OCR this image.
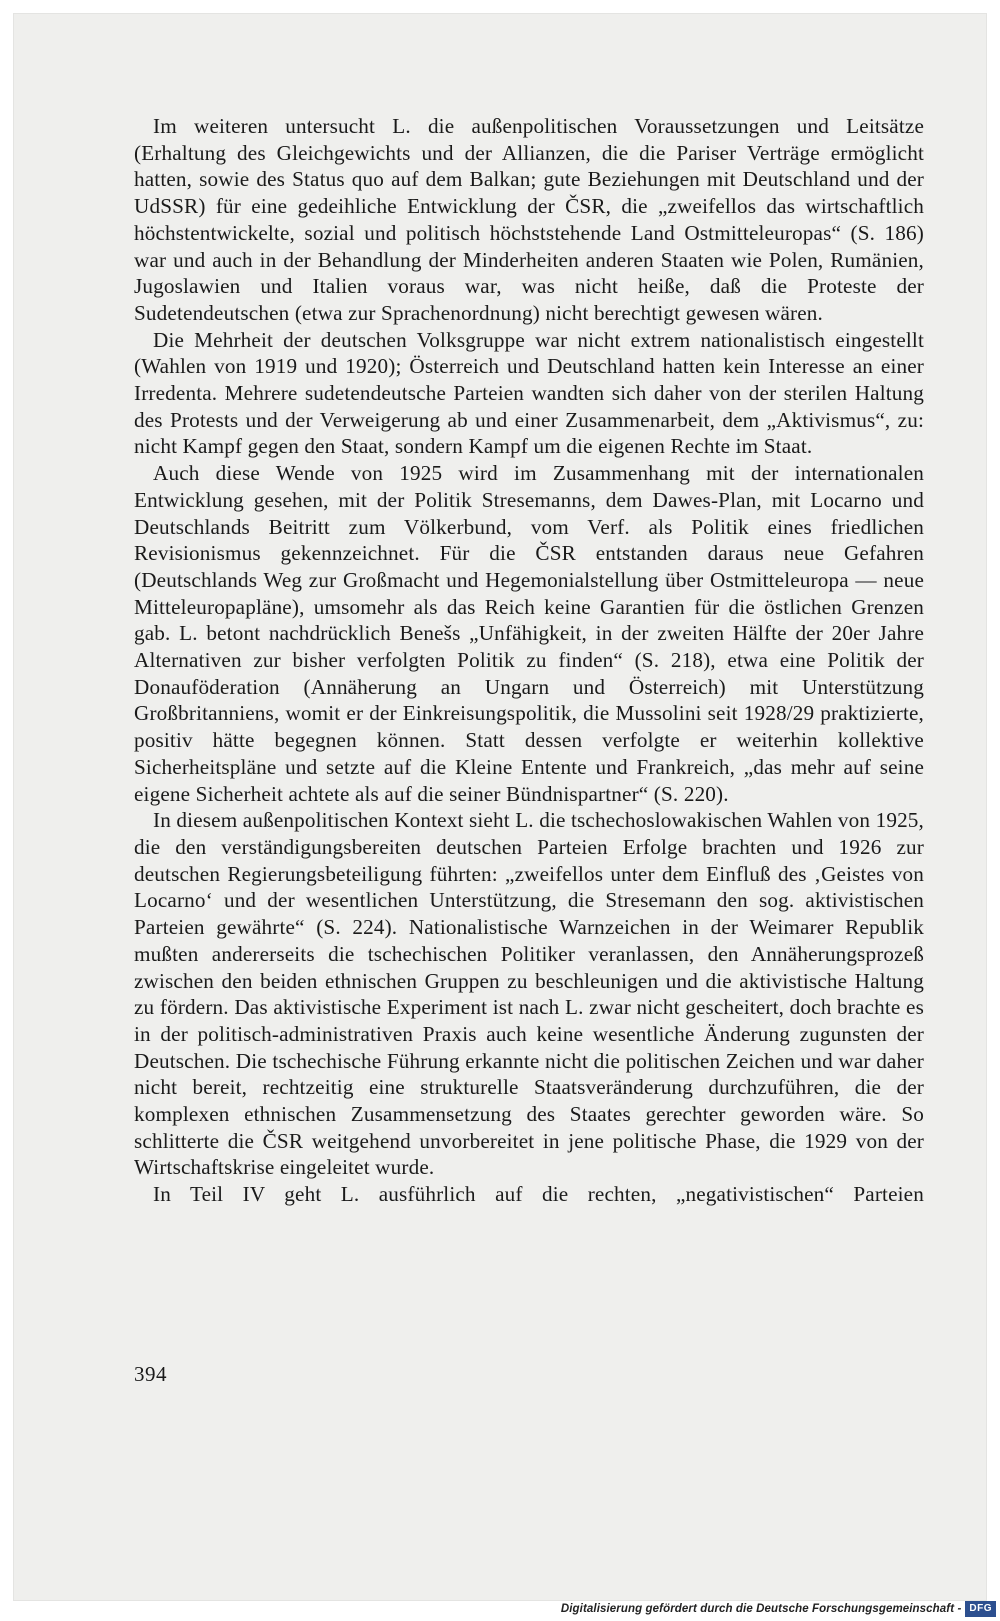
Im weiteren untersucht L. die außenpolitischen Voraussetzungen und Leitsätze (Erhaltung des Gleichgewichts und der Allianzen, die die Pariser Verträge ermöglicht hatten, sowie des Status quo auf dem Balkan; gute Beziehungen mit Deutschland und der UdSSR) für eine gedeihliche Entwicklung der ČSR, die „zweifellos das wirtschaftlich höchstentwickelte, sozial und politisch höchststehende Land Ostmitteleuropas“ (S. 186) war und auch in der Behandlung der Minderheiten anderen Staaten wie Polen, Rumänien, Jugoslawien und Italien voraus war, was nicht heiße, daß die Proteste der Sudetendeutschen (etwa zur Sprachenordnung) nicht berechtigt gewesen wären.

Die Mehrheit der deutschen Volksgruppe war nicht extrem nationalistisch eingestellt (Wahlen von 1919 und 1920); Österreich und Deutschland hatten kein Interesse an einer Irredenta. Mehrere sudetendeutsche Parteien wandten sich daher von der sterilen Haltung des Protests und der Verweigerung ab und einer Zusammenarbeit, dem „Aktivismus“, zu: nicht Kampf gegen den Staat, sondern Kampf um die eigenen Rechte im Staat.

Auch diese Wende von 1925 wird im Zusammenhang mit der internationalen Entwicklung gesehen, mit der Politik Stresemanns, dem Dawes-Plan, mit Locarno und Deutschlands Beitritt zum Völkerbund, vom Verf. als Politik eines friedlichen Revisionismus gekennzeichnet. Für die ČSR entstanden daraus neue Gefahren (Deutschlands Weg zur Großmacht und Hegemonialstellung über Ostmitteleuropa — neue Mitteleuropapläne), umsomehr als das Reich keine Garantien für die östlichen Grenzen gab. L. betont nachdrücklich Benešs „Unfähigkeit, in der zweiten Hälfte der 20er Jahre Alternativen zur bisher verfolgten Politik zu finden“ (S. 218), etwa eine Politik der Donauföderation (Annäherung an Ungarn und Österreich) mit Unterstützung Großbritanniens, womit er der Einkreisungspolitik, die Mussolini seit 1928/29 praktizierte, positiv hätte begegnen können. Statt dessen verfolgte er weiterhin kollektive Sicherheitspläne und setzte auf die Kleine Entente und Frankreich, „das mehr auf seine eigene Sicherheit achtete als auf die seiner Bündnispartner“ (S. 220).

In diesem außenpolitischen Kontext sieht L. die tschechoslowakischen Wahlen von 1925, die den verständigungsbereiten deutschen Parteien Erfolge brachten und 1926 zur deutschen Regierungsbeteiligung führten: „zweifellos unter dem Einfluß des ‚Geistes von Locarno‘ und der wesentlichen Unterstützung, die Stresemann den sog. aktivistischen Parteien gewährte“ (S. 224). Nationalistische Warnzeichen in der Weimarer Republik mußten andererseits die tschechischen Politiker veranlassen, den Annäherungsprozeß zwischen den beiden ethnischen Gruppen zu beschleunigen und die aktivistische Haltung zu fördern. Das aktivistische Experiment ist nach L. zwar nicht gescheitert, doch brachte es in der politisch-administrativen Praxis auch keine wesentliche Änderung zugunsten der Deutschen. Die tschechische Führung erkannte nicht die politischen Zeichen und war daher nicht bereit, rechtzeitig eine strukturelle Staatsveränderung durchzuführen, die der komplexen ethnischen Zusammensetzung des Staates gerechter geworden wäre. So schlitterte die ČSR weitgehend unvorbereitet in jene politische Phase, die 1929 von der Wirtschaftskrise eingeleitet wurde.

In Teil IV geht L. ausführlich auf die rechten, „negativistischen“ Parteien

394
Digitalisierung gefördert durch die Deutsche Forschungsgemeinschaft - DFG
